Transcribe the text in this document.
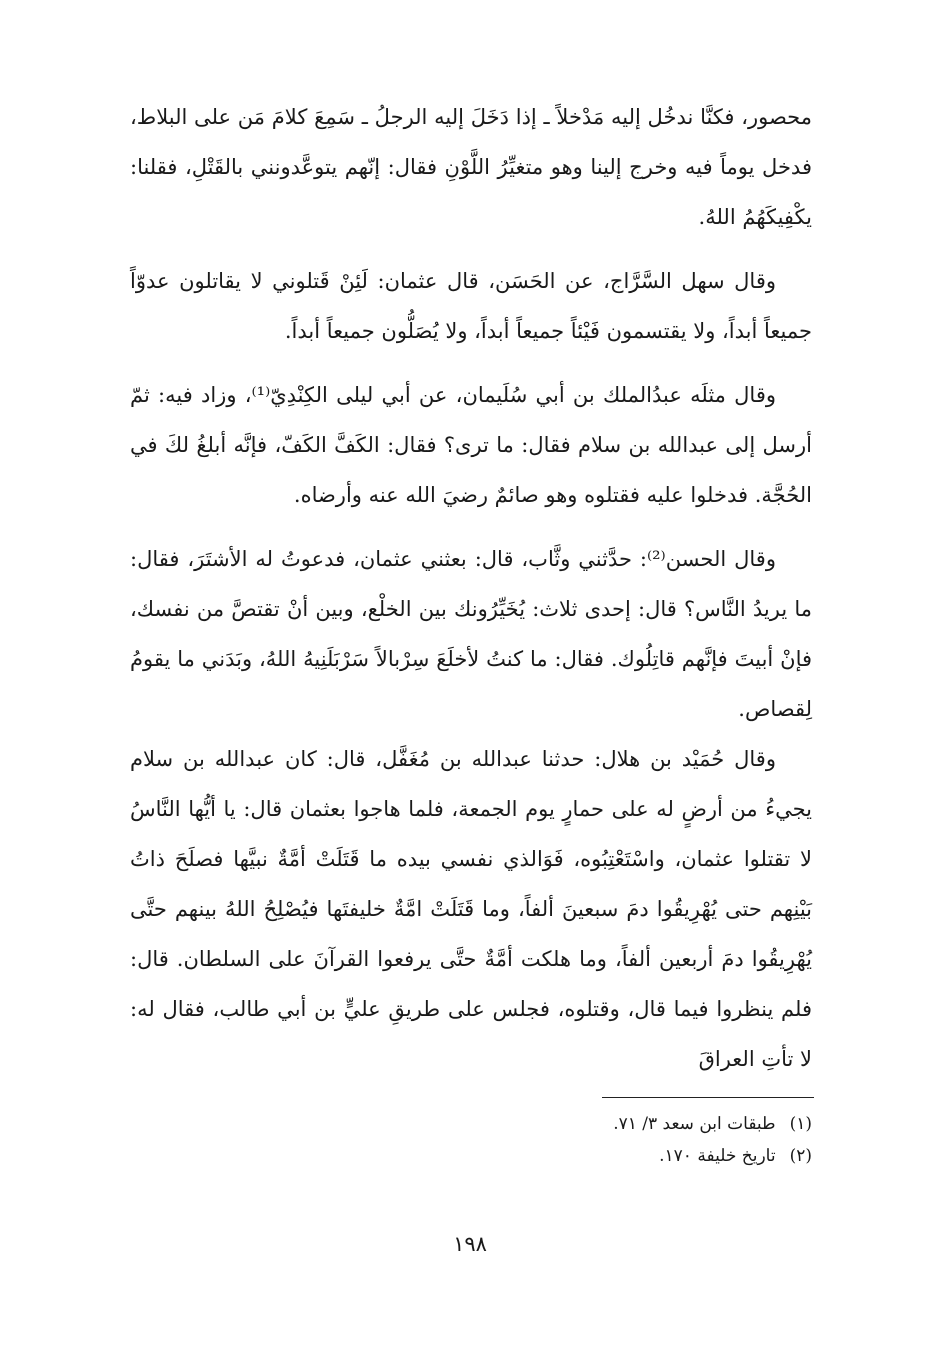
محصور، فكنَّا ندخُل إليه مَدْخلاً ـ إذا دَخَلَ إليه الرجلُ ـ سَمِعَ كلامَ مَن على البلاط، فدخل يوماً فيه وخرج إلينا وهو متغيِّرُ اللَّوْنِ فقال: إنّهم يتوعَّدونني بالقَتْلِ، فقلنا: يكْفِيكَهُمُ اللهُ.

وقال سهل السَّرَّاج، عن الحَسَن، قال عثمان: لَئِنْ قَتلوني لا يقاتلون عدوّاً جميعاً أبداً، ولا يقتسمون فَيْئاً جميعاً أبداً، ولا يُصَلُّون جميعاً أبداً.

وقال مثلَه عبدُالملك بن أبي سُلَيمان، عن أبي ليلى الكِنْدِيّ⁽¹⁾، وزاد فيه: ثمّ أرسل إلى عبدالله بن سلام فقال: ما ترى؟ فقال: الكَفَّ الكَفّ، فإنَّه أبلغُ لكَ في الحُجَّة. فدخلوا عليه فقتلوه وهو صائمٌ رضيَ الله عنه وأرضاه.

وقال الحسن⁽²⁾: حدَّثني وثَّاب، قال: بعثني عثمان، فدعوتُ له الأشتَرَ، فقال: ما يريدُ النَّاس؟ قال: إحدى ثلاث: يُخَيِّرُونك بين الخلْع، وبين أنْ تقتصَّ من نفسك، فإنْ أبيتَ فإنَّهم قاتِلُوك. فقال: ما كنتُ لأخلَعَ سِرْبالاً سَرْبَلَنِيهُ اللهُ، وبَدَني ما يقومُ لِقصاص.

وقال حُمَيْد بن هلال: حدثنا عبدالله بن مُغَفَّل، قال: كان عبدالله بن سلام يجيءُ من أرضٍ له على حمارٍ يوم الجمعة، فلما هاجوا بعثمان قال: يا أيُّها النَّاسُ لا تقتلوا عثمان، واسْتَعْتِبُوه، فَوَالذي نفسي بيده ما قَتَلَتْ أمَّةٌ نبيَّها فصلَحَ ذاتُ بَيْنِهم حتى يُهْرِيقُوا دمَ سبعينَ ألفاً، وما قَتَلَتْ امَّةٌ خليفتَها فيُصْلِحُ اللهُ بينهم حتَّى يُهْرِيقُوا دمَ أربعين ألفاً، وما هلكت أمَّةٌ حتَّى يرفعوا القرآنَ على السلطان. قال: فلم ينظروا فيما قال، وقتلوه، فجلس على طريقِ عليٍّ بن أبي طالب، فقال له: لا تأتِ العراقَ

(١)طبقات ابن سعد ٣/ ٧١.

(٢)تاريخ خليفة ١٧٠.

١٩٨
